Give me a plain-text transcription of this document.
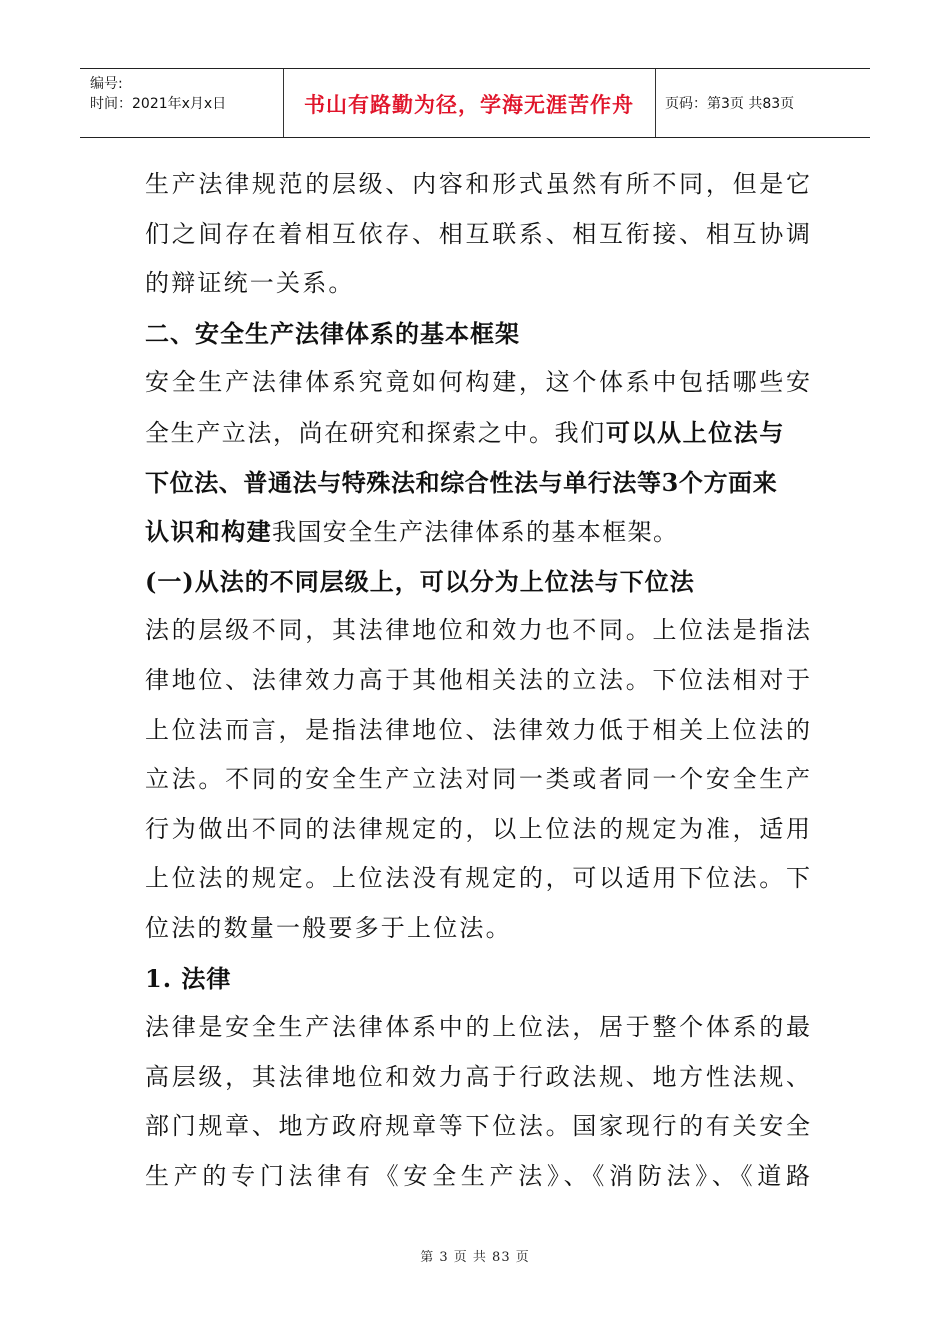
编号:
时间：2021年x月x日	书山有路勤为径，学海无涯苦作舟 页码：第3页 共83页
生产法律规范的层级、内容和形式虽然有所不同，但是它
们之间存在着相互依存、相互联系、相互衔接、相互协调
的辩证统一关系。
二、安全生产法律体系的基本框架
安全生产法律体系究竟如何构建，这个体系中包括哪些安
全生产立法，尚在研究和探索之中。我们可以从上位法与
下位法、普通法与特殊法和综合性法与单行法等3个方面来
认识和构建我国安全生产法律体系的基本框架。
(一)从法的不同层级上，可以分为上位法与下位法
法的层级不同，其法律地位和效力也不同。上位法是指法
律地位、法律效力高于其他相关法的立法。下位法相对于
上位法而言，是指法律地位、法律效力低于相关上位法的
立法。不同的安全生产立法对同一类或者同一个安全生产
行为做出不同的法律规定的，以上位法的规定为准，适用
上位法的规定。上位法没有规定的，可以适用下位法。下
位法的数量一般要多于上位法。
1. 法律
法律是安全生产法律体系中的上位法，居于整个体系的最
高层级，其法律地位和效力高于行政法规、地方性法规、
部门规章、地方政府规章等下位法。国家现行的有关安全
生产的专门法律有《安全生产法》、《消防法》、《道路
第 3 页 共 83 页
